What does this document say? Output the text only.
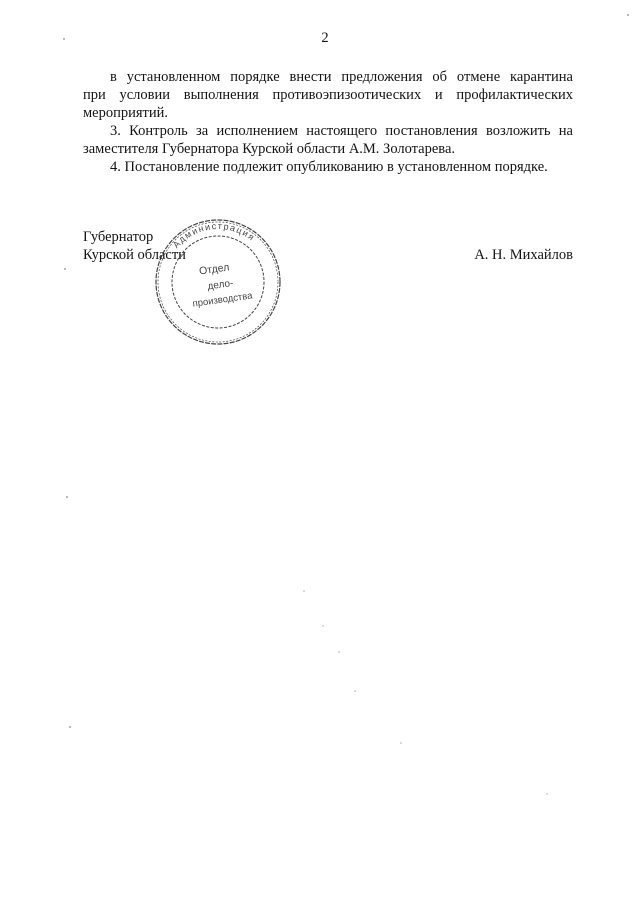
2
в установленном порядке внести предложения об отмене карантина
при условии выполнения противоэпизоотических и профилактических
мероприятий.
3. Контроль за исполнением настоящего постановления возложить на
заместителя Губернатора Курской области А.М. Золотарева.
4. Постановление подлежит опубликованию в установленном порядке.
Губернатор
Курской области	А. Н. Михайлов
Администрация
Отдел
дело-
производства
